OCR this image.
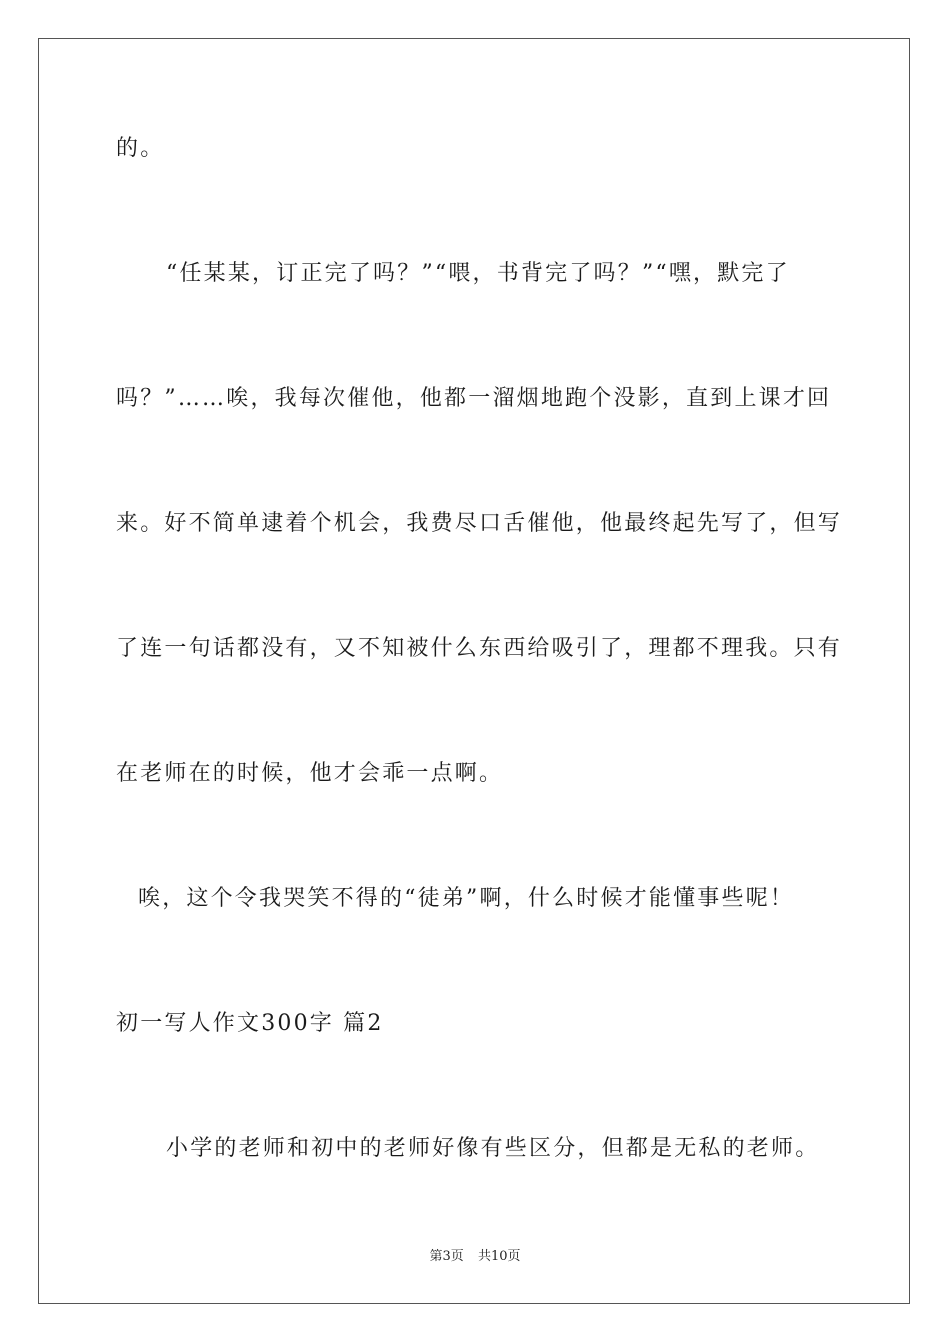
的。
“任某某，订正完了吗？”“喂，书背完了吗？”“嘿，默完了
吗？”……唉，我每次催他，他都一溜烟地跑个没影，直到上课才回
来。好不简单逮着个机会，我费尽口舌催他，他最终起先写了，但写
了连一句话都没有，又不知被什么东西给吸引了，理都不理我。只有
在老师在的时候，他才会乖一点啊。
唉，这个令我哭笑不得的“徒弟”啊，什么时候才能懂事些呢！
初一写人作文300字 篇2
小学的老师和初中的老师好像有些区分，但都是无私的老师。
第3页 共10页
